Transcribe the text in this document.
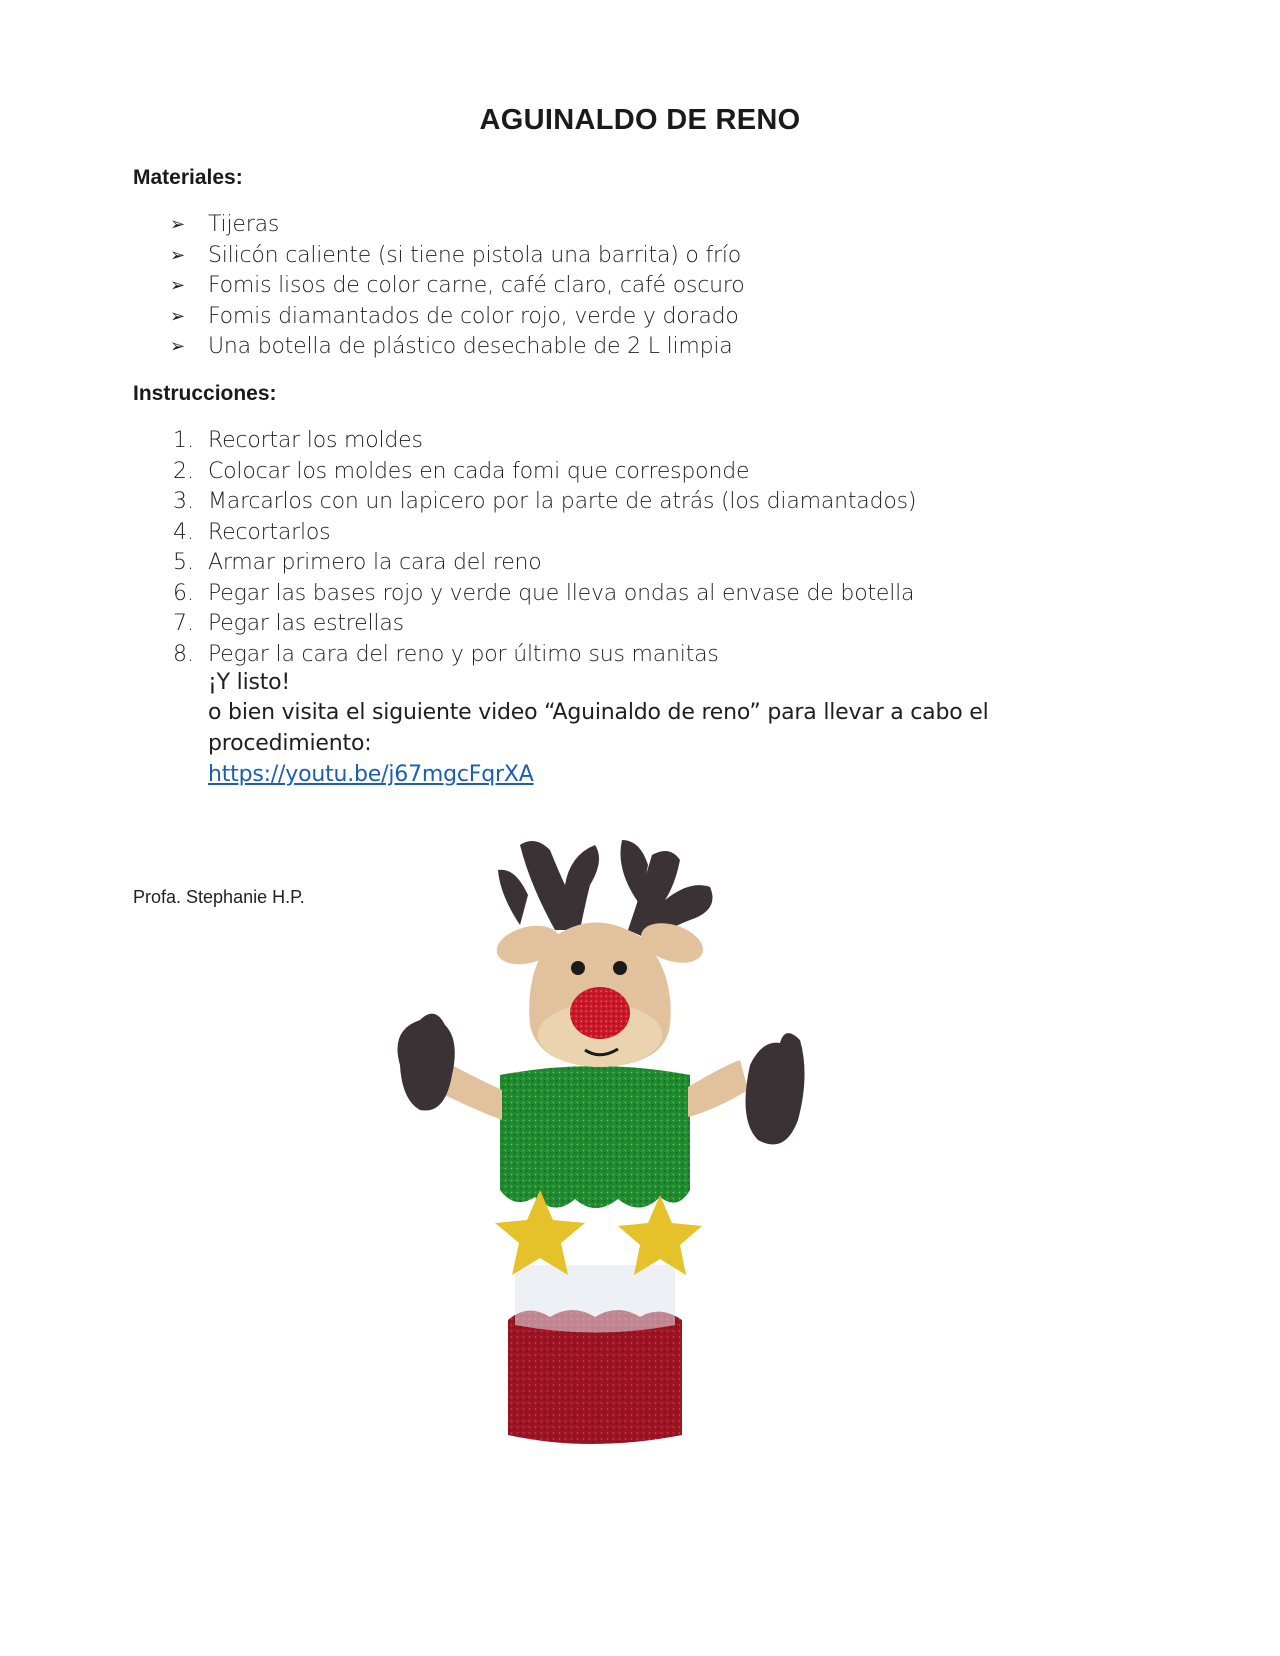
AGUINALDO DE RENO
Materiales:
➢ Tijeras
➢ Silicón caliente (si tiene pistola una barrita) o frío
➢ Fomis lisos de color carne, café claro, café oscuro
➢ Fomis diamantados de color rojo, verde y dorado
➢ Una botella de plástico desechable de 2 L limpia
Instrucciones:
1. Recortar los moldes
2. Colocar los moldes en cada fomi que corresponde
3. Marcarlos con un lapicero por la parte de atrás (los diamantados)
4. Recortarlos
5. Armar primero la cara del reno
6. Pegar las bases rojo y verde que lleva ondas al envase de botella
7. Pegar las estrellas
8. Pegar la cara del reno y por último sus manitas
¡Y listo!
o bien visita el siguiente video “Aguinaldo de reno” para llevar a cabo el
procedimiento:
https://youtu.be/j67mgcFqrXA
Profa. Stephanie H.P.
